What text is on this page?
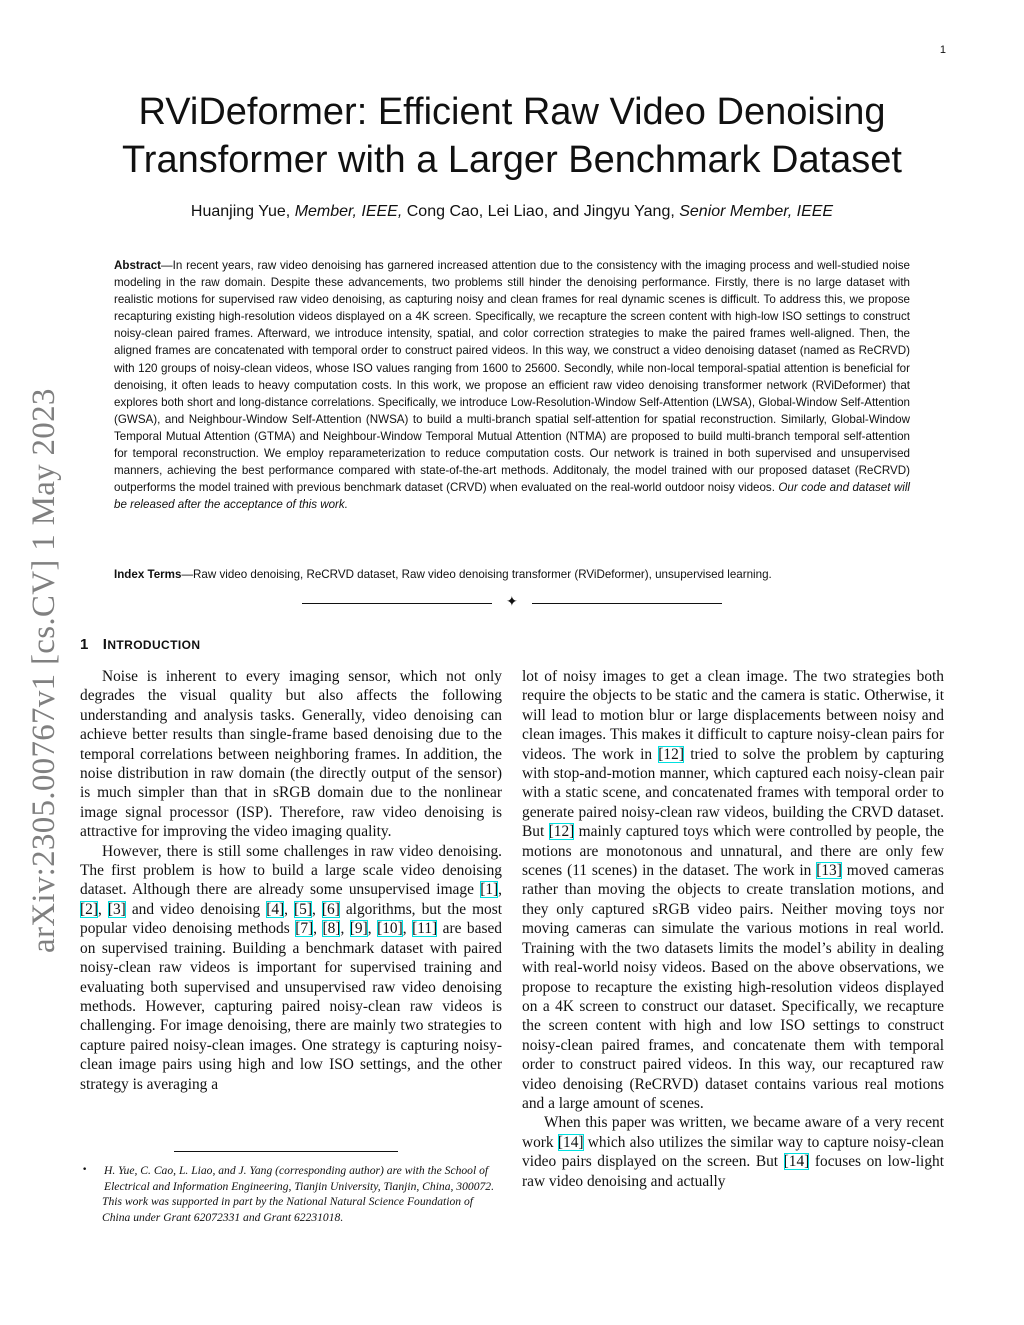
1
arXiv:2305.00767v1 [cs.CV] 1 May 2023
RViDeformer: Efficient Raw Video Denoising
Transformer with a Larger Benchmark Dataset
Huanjing Yue, Member, IEEE, Cong Cao, Lei Liao, and Jingyu Yang, Senior Member, IEEE

Abstract—In recent years, raw video denoising has garnered increased attention due to the consistency with the imaging process and well-studied noise modeling in the raw domain. Despite these advancements, two problems still hinder the denoising performance. Firstly, there is no large dataset with realistic motions for supervised raw video denoising, as capturing noisy and clean frames for real dynamic scenes is difficult. To address this, we propose recapturing existing high-resolution videos displayed on a 4K screen. Specifically, we recapture the screen content with high-low ISO settings to construct noisy-clean paired frames. Afterward, we introduce intensity, spatial, and color correction strategies to make the paired frames well-aligned. Then, the aligned frames are concatenated with temporal order to construct paired videos. In this way, we construct a video denoising dataset (named as ReCRVD) with 120 groups of noisy-clean videos, whose ISO values ranging from 1600 to 25600. Secondly, while non-local temporal-spatial attention is beneficial for denoising, it often leads to heavy computation costs. In this work, we propose an efficient raw video denoising transformer network (RViDeformer) that explores both short and long-distance correlations. Specifically, we introduce Low-Resolution-Window Self-Attention (LWSA), Global-Window Self-Attention (GWSA), and Neighbour-Window Self-Attention (NWSA) to build a multi-branch spatial self-attention for spatial reconstruction. Similarly, Global-Window Temporal Mutual Attention (GTMA) and Neighbour-Window Temporal Mutual Attention (NTMA) are proposed to build multi-branch temporal self-attention for temporal reconstruction. We employ reparameterization to reduce computation costs. Our network is trained in both supervised and unsupervised manners, achieving the best performance compared with state-of-the-art methods. Additonaly, the model trained with our proposed dataset (ReCRVD) outperforms the model trained with previous benchmark dataset (CRVD) when evaluated on the real-world outdoor noisy videos. Our code and dataset will be released after the acceptance of this work.

Index Terms—Raw video denoising, ReCRVD dataset, Raw video denoising transformer (RViDeformer), unsupervised learning.

✦
1 INTRODUCTION

Noise is inherent to every imaging sensor, which not only degrades the visual quality but also affects the following understanding and analysis tasks. Generally, video denoising can achieve better results than single-frame based denoising due to the temporal correlations between neighboring frames. In addition, the noise distribution in raw domain (the directly output of the sensor) is much simpler than that in sRGB domain due to the nonlinear image signal processor (ISP). Therefore, raw video denoising is attractive for improving the video imaging quality.

However, there is still some challenges in raw video denoising. The first problem is how to build a large scale video denoising dataset. Although there are already some unsupervised image [1], [2], [3] and video denoising [4], [5], [6] algorithms, but the most popular video denoising methods [7], [8], [9], [10], [11] are based on supervised training. Building a benchmark dataset with paired noisy-clean raw videos is important for supervised training and evaluating both supervised and unsupervised raw video denoising methods. However, capturing paired noisy-clean raw videos is challenging. For image denoising, there are mainly two strategies to capture paired noisy-clean images. One strategy is capturing noisy-clean image pairs using high and low ISO settings, and the other strategy is averaging a

lot of noisy images to get a clean image. The two strategies both require the objects to be static and the camera is static. Otherwise, it will lead to motion blur or large displacements between noisy and clean images. This makes it difficult to capture noisy-clean pairs for videos. The work in [12] tried to solve the problem by capturing with stop-and-motion manner, which captured each noisy-clean pair with a static scene, and concatenated frames with temporal order to generate paired noisy-clean raw videos, building the CRVD dataset. But [12] mainly captured toys which were controlled by people, the motions are monotonous and unnatural, and there are only few scenes (11 scenes) in the dataset. The work in [13] moved cameras rather than moving the objects to create translation motions, and they only captured sRGB video pairs. Neither moving toys nor moving cameras can simulate the various motions in real world. Training with the two datasets limits the model’s ability in dealing with real-world noisy videos. Based on the above observations, we propose to recapture the existing high-resolution videos displayed on a 4K screen to construct our dataset. Specifically, we recapture the screen content with high and low ISO settings to construct noisy-clean paired frames, and concatenate them with temporal order to construct paired videos. In this way, our recaptured raw video denoising (ReCRVD) dataset contains various real motions and a large amount of scenes.

When this paper was written, we became aware of a very recent work [14] which also utilizes the similar way to capture noisy-clean video pairs displayed on the screen. But [14] focuses on low-light raw video denoising and actually

•	H. Yue, C. Cao, L. Liao, and J. Yang (corresponding author) are with the School of Electrical and Information Engineering, Tianjin University, Tianjin, China, 300072.
This work was supported in part by the National Natural Science Foundation of China under Grant 62072331 and Grant 62231018.
